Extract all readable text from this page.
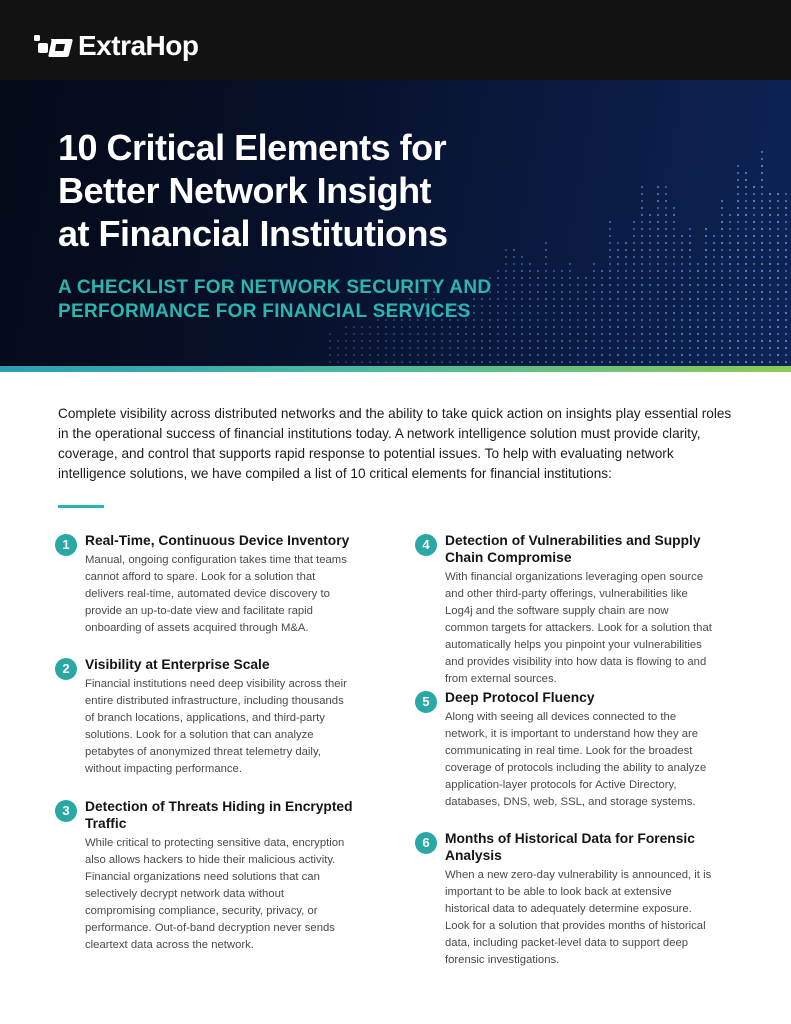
ExtraHop
10 Critical Elements for
Better Network Insight
at Financial Institutions
A CHECKLIST FOR NETWORK SECURITY AND
PERFORMANCE FOR FINANCIAL SERVICES

Complete visibility across distributed networks and the ability to take quick action on insights play essential roles in the operational success of financial institutions today. A network intelligence solution must provide clarity, coverage, and control that supports rapid response to potential issues. To help with evaluating network intelligence solutions, we have compiled a list of 10 critical elements for financial institutions:

1	Real-Time, Continuous Device Inventory

Manual, ongoing configuration takes time that teams cannot afford to spare. Look for a solution that delivers real-time, automated device discovery to provide an up-to-date view and facilitate rapid onboarding of assets acquired through M&A.

2	Visibility at Enterprise Scale

Financial institutions need deep visibility across their entire distributed infrastructure, including thousands of branch locations, applications, and third-party solutions. Look for a solution that can analyze petabytes of anonymized threat telemetry daily, without impacting performance.

3	Detection of Threats Hiding in Encrypted Traffic

While critical to protecting sensitive data, encryption also allows hackers to hide their malicious activity. Financial organizations need solutions that can selectively decrypt network data without compromising compliance, security, privacy, or performance. Out-of-band decryption never sends cleartext data across the network.

4	Detection of Vulnerabilities and Supply Chain Compromise

With financial organizations leveraging open source and other third-party offerings, vulnerabilities like Log4j and the software supply chain are now common targets for attackers. Look for a solution that automatically helps you pinpoint your vulnerabilities and provides visibility into how data is flowing to and from external sources.

5	Deep Protocol Fluency

Along with seeing all devices connected to the network, it is important to understand how they are communicating in real time. Look for the broadest coverage of protocols including the ability to analyze application-layer protocols for Active Directory, databases, DNS, web, SSL, and storage systems.

6	Months of Historical Data for Forensic Analysis

When a new zero-day vulnerability is announced, it is important to be able to look back at extensive historical data to adequately determine exposure. Look for a solution that provides months of historical data, including packet-level data to support deep forensic investigations.
